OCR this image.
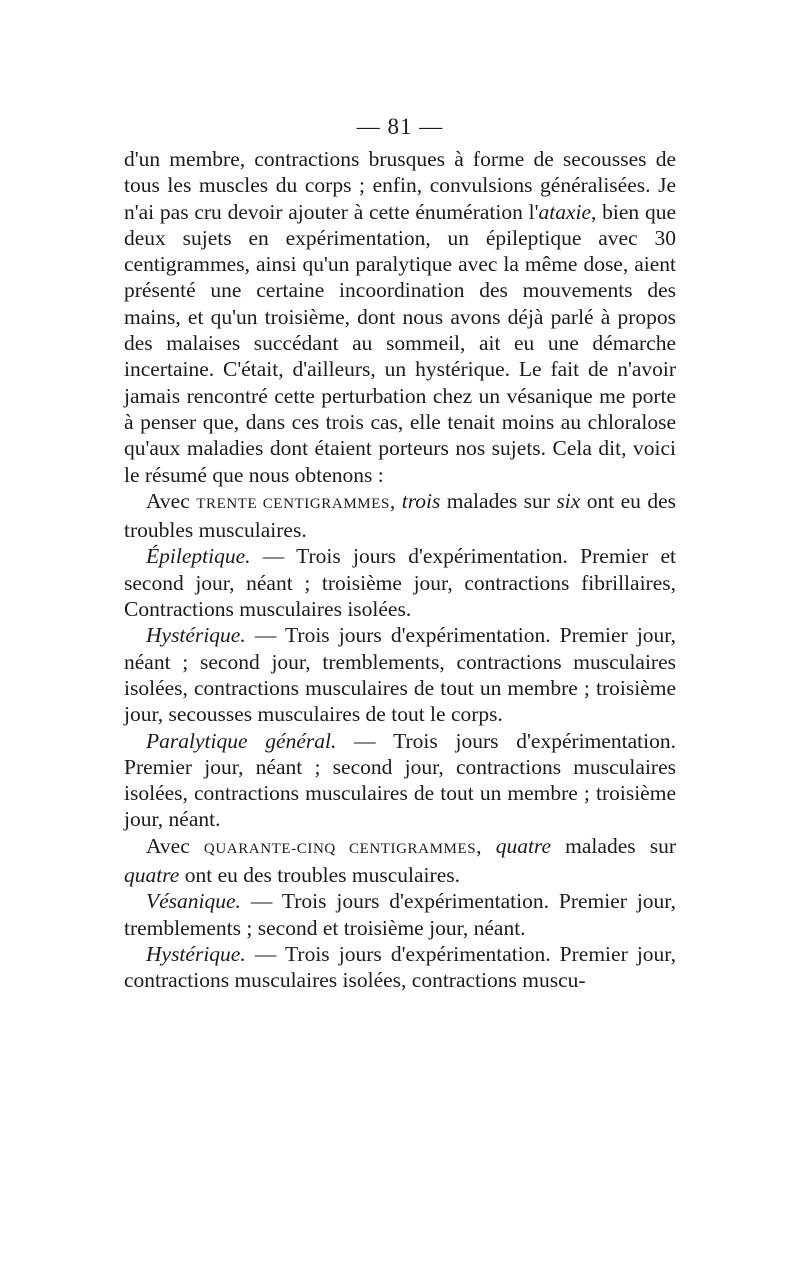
— 81 —

d'un membre, contractions brusques à forme de secousses de tous les muscles du corps ; enfin, convulsions généralisées. Je n'ai pas cru devoir ajouter à cette énumération l'ataxie, bien que deux sujets en expérimentation, un épileptique avec 30 centigrammes, ainsi qu'un paralytique avec la même dose, aient présenté une certaine incoordination des mouvements des mains, et qu'un troisième, dont nous avons déjà parlé à propos des malaises succédant au sommeil, ait eu une démarche incertaine. C'était, d'ailleurs, un hystérique. Le fait de n'avoir jamais rencontré cette perturbation chez un vésanique me porte à penser que, dans ces trois cas, elle tenait moins au chloralose qu'aux maladies dont étaient porteurs nos sujets. Cela dit, voici le résumé que nous obtenons :

Avec TRENTE CENTIGRAMMES, trois malades sur six ont eu des troubles musculaires.

Épileptique. — Trois jours d'expérimentation. Premier et second jour, néant ; troisième jour, contractions fibrillaires, Contractions musculaires isolées.

Hystérique. — Trois jours d'expérimentation. Premier jour, néant ; second jour, tremblements, contractions musculaires isolées, contractions musculaires de tout un membre ; troisième jour, secousses musculaires de tout le corps.

Paralytique général. — Trois jours d'expérimentation. Premier jour, néant ; second jour, contractions musculaires isolées, contractions musculaires de tout un membre ; troisième jour, néant.

Avec QUARANTE-CINQ CENTIGRAMMES, quatre malades sur quatre ont eu des troubles musculaires.

Vésanique. — Trois jours d'expérimentation. Premier jour, tremblements ; second et troisième jour, néant.

Hystérique. — Trois jours d'expérimentation. Premier jour, contractions musculaires isolées, contractions muscu-
